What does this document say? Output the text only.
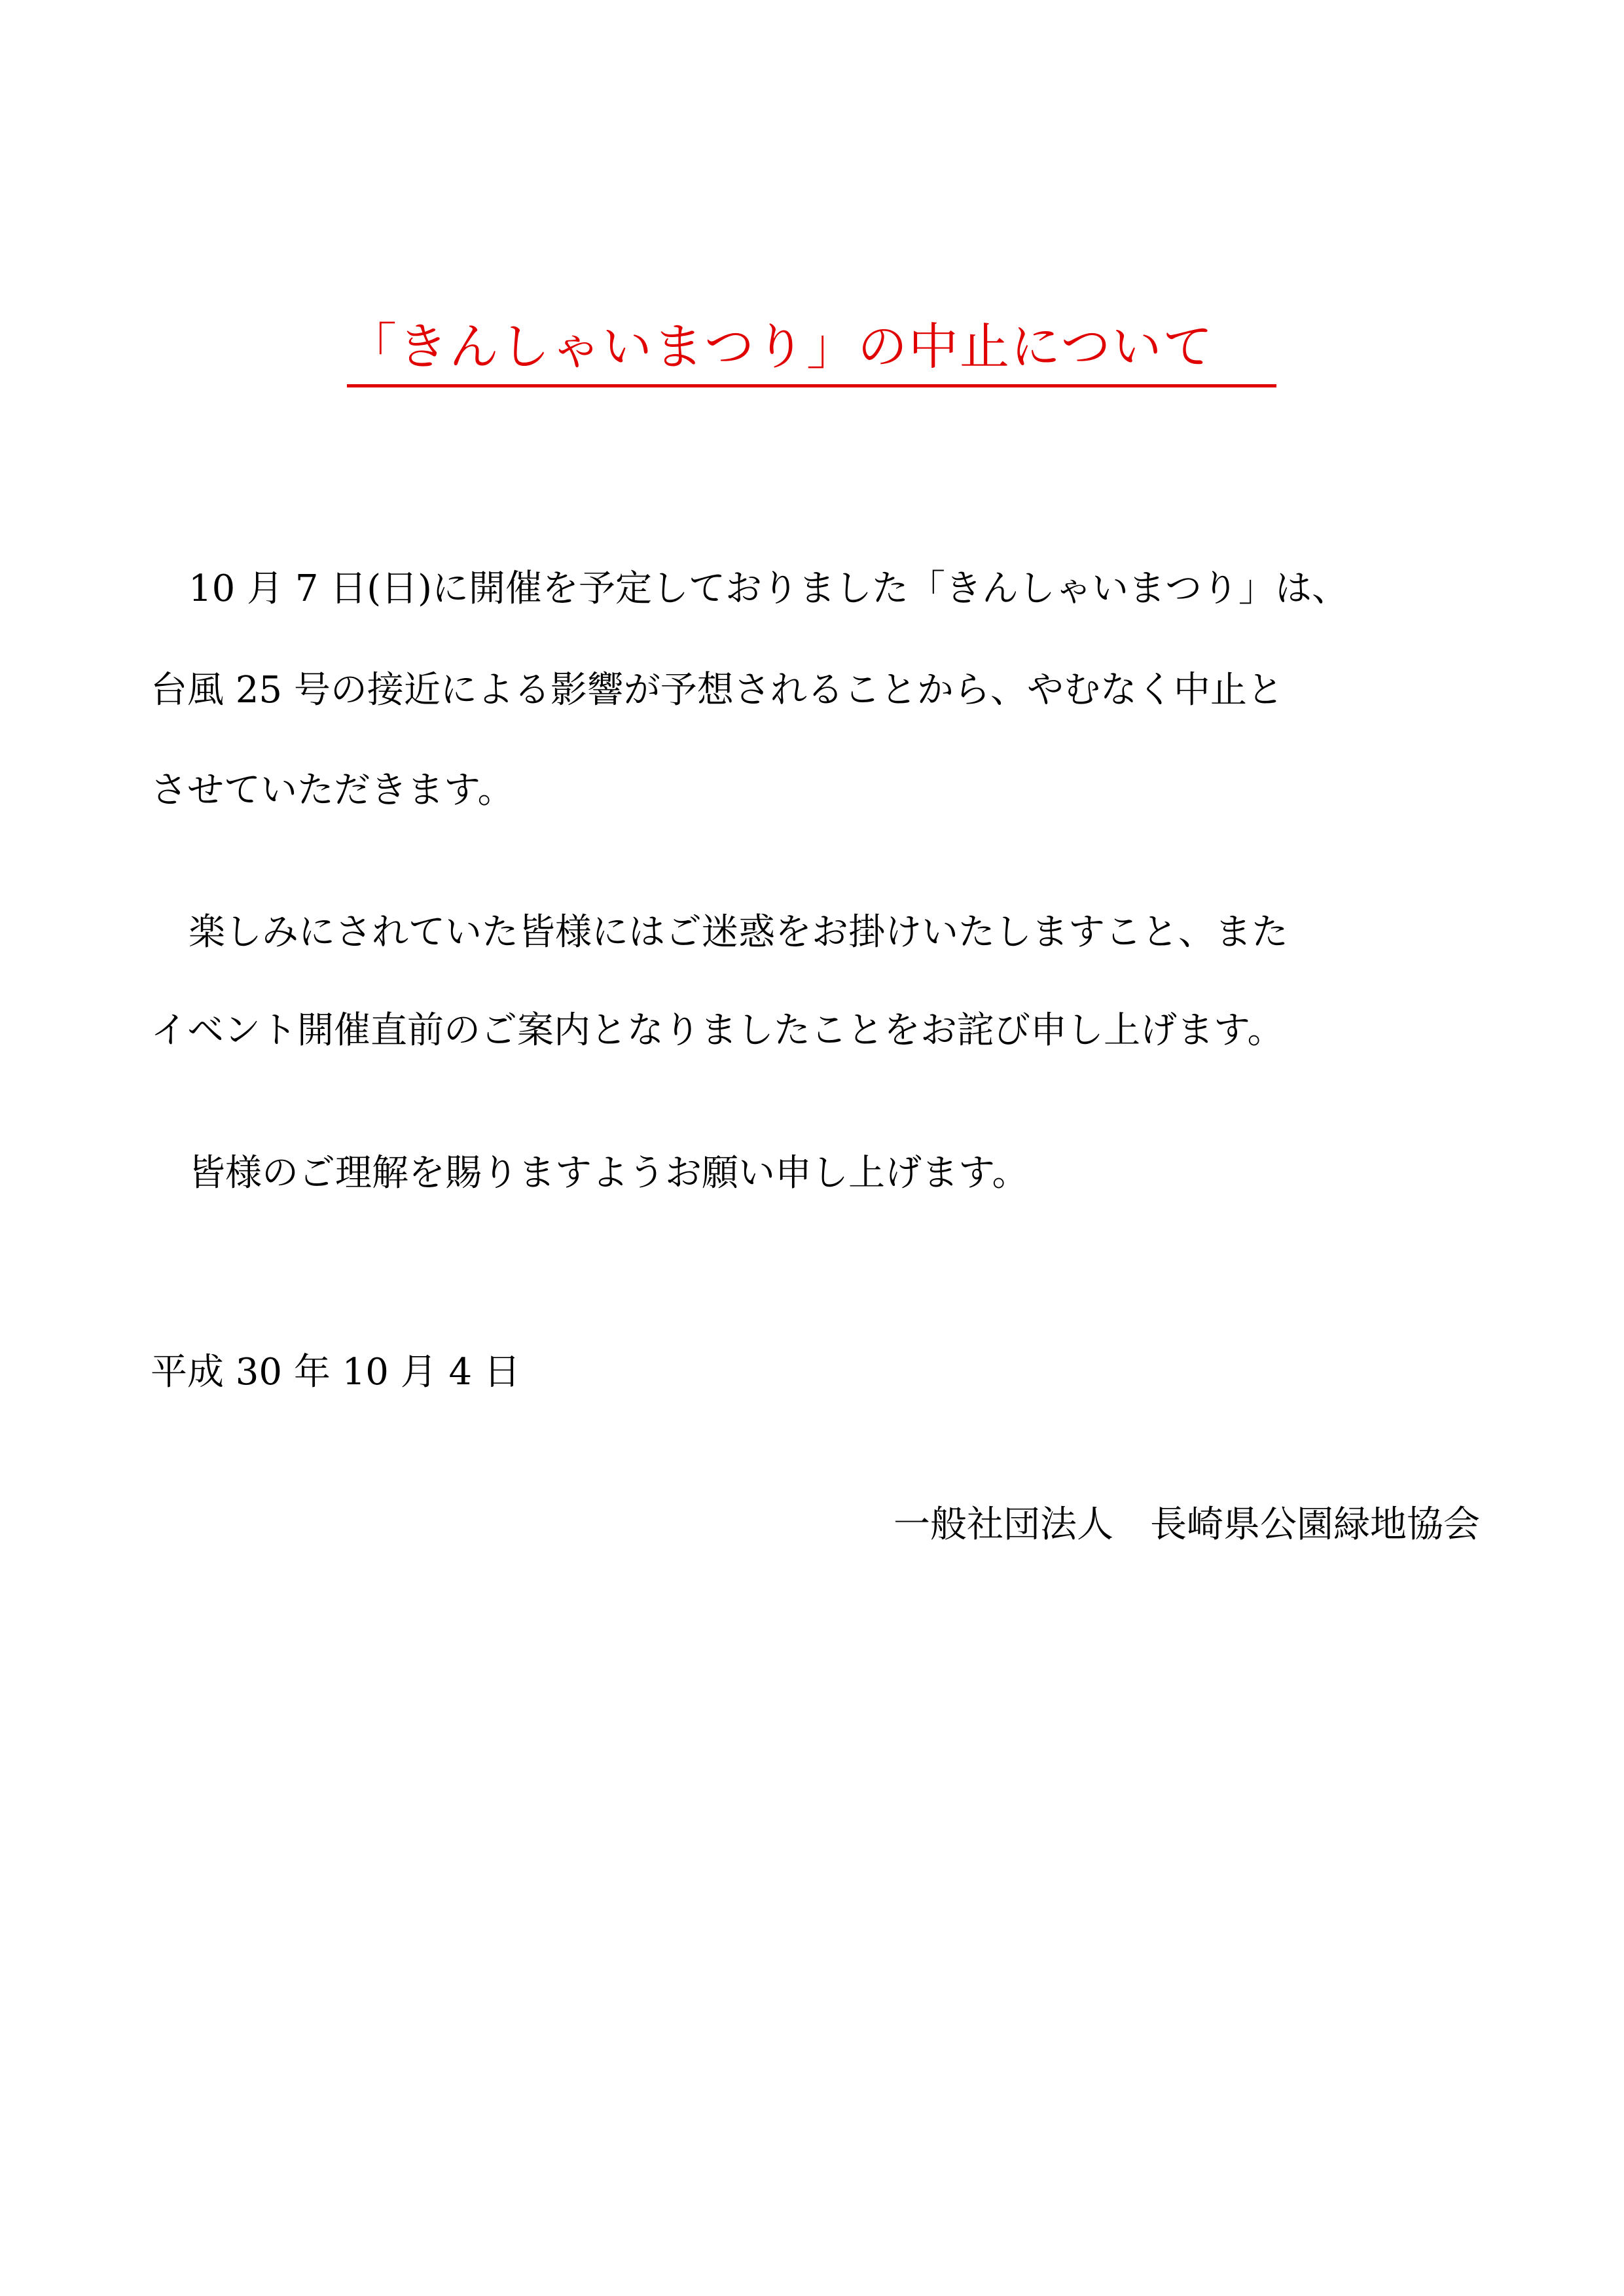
「きんしゃいまつり」の中止について
10 月 7 日(日)に開催を予定しておりました「きんしゃいまつり」は、
台風 25 号の接近による影響が予想されることから、やむなく中止と
させていただきます。
楽しみにされていた皆様にはご迷惑をお掛けいたしますこと、また
イベント開催直前のご案内となりましたことをお詫び申し上げます。
皆様のご理解を賜りますようお願い申し上げます。
平成 30 年 10 月 4 日
一般社団法人　長崎県公園緑地協会
